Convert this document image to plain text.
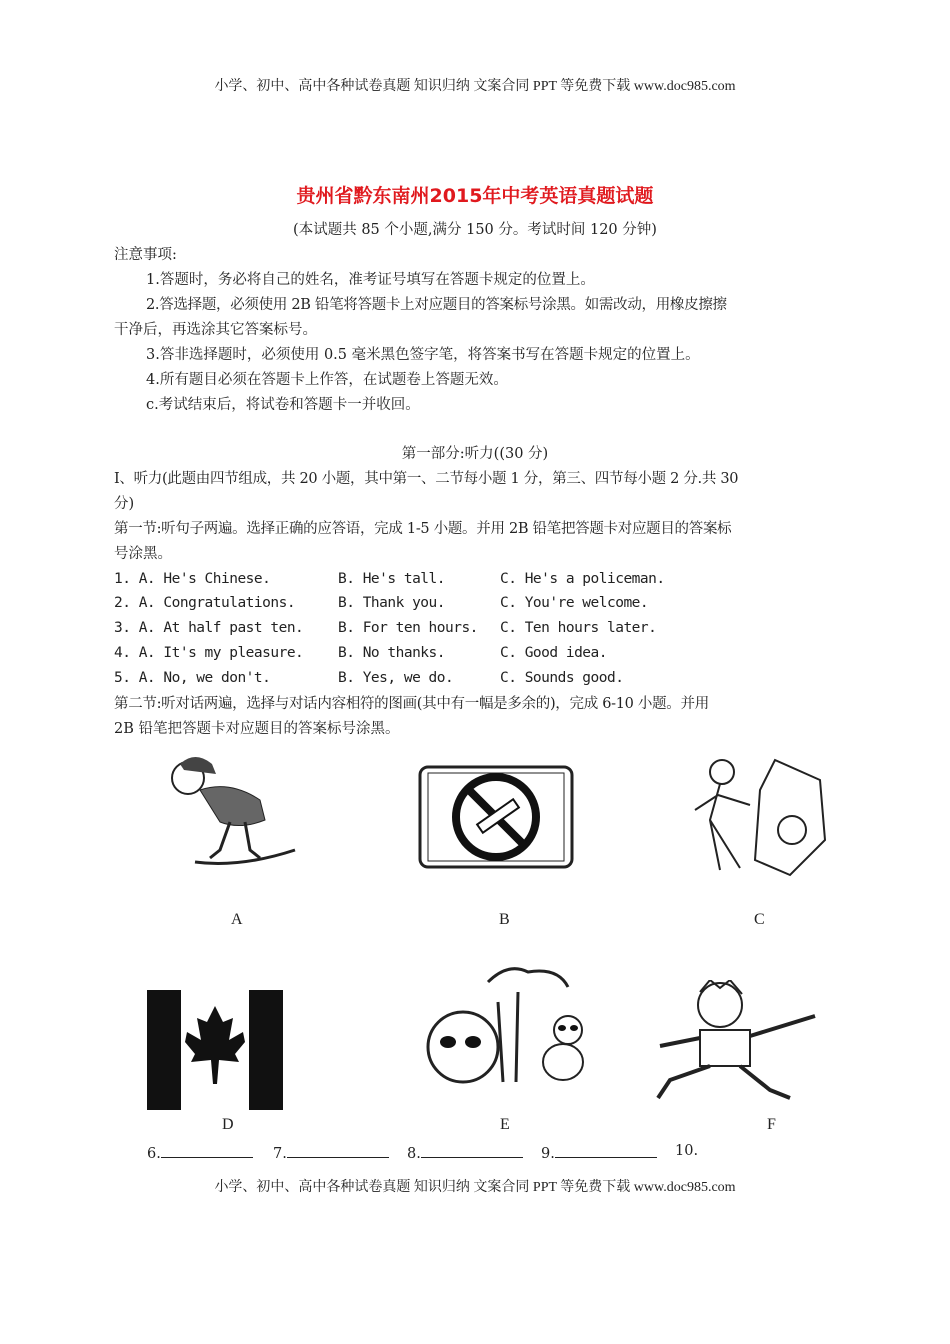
小学、初中、高中各种试卷真题 知识归纳 文案合同 PPT 等免费下载 www.doc985.com
贵州省黔东南州2015年中考英语真题试题
(本试题共 85 个小题,满分 150 分。考试时间 120 分钟)
注意事项:
1.答题时，务必将自己的姓名，准考证号填写在答题卡规定的位置上。
2.答选择题，必须使用 2B 铅笔将答题卡上对应题目的答案标号涂黑。如需改动，用橡皮擦擦
干净后，再选涂其它答案标号。
3.答非选择题时，必须使用 0.5 毫米黑色签字笔，将答案书写在答题卡规定的位置上。
4.所有题目必须在答题卡上作答，在试题卷上答题无效。
c.考试结束后，将试卷和答题卡一并收回。
第一部分:听力((30 分)
I、听力(此题由四节组成，共 20 小题，其中第一、二节每小题 1 分，第三、四节每小题 2 分.共 30
分)
第一节:听句子两遍。选择正确的应答语，完成 1-5 小题。并用 2B 铅笔把答题卡对应题目的答案标
号涂黑。
1. A. He's Chinese.	B. He's tall.	C. He's a policeman.
2. A. Congratulations.	B. Thank you.	C. You're welcome.
3. A. At half past ten. B. For ten hours. C. Ten hours later.
4. A. It's my pleasure. B. No thanks.	C. Good idea.
5. A. No, we don't.	B. Yes, we do.	C. Sounds good.
第二节:听对话两遍，选择与对话内容相符的图画(其中有一幅是多余的)，完成 6-10 小题。并用
2B 铅笔把答题卡对应题目的答案标号涂黑。
A	B	C
D	E	F
6.	7.	8.	9.	10.
小学、初中、高中各种试卷真题 知识归纳 文案合同 PPT 等免费下载 www.doc985.com
